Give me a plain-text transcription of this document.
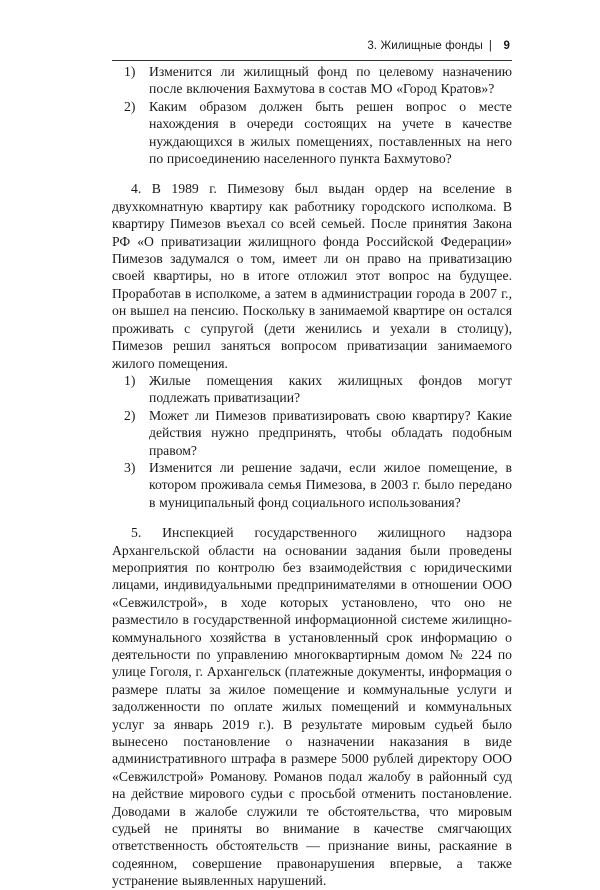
3. Жилищные фонды | 9
1) Изменится ли жилищный фонд по целевому назначению после включения Бахмутова в состав МО «Город Кратов»?
2) Каким образом должен быть решен вопрос о месте нахождения в очереди состоящих на учете в качестве нуждающихся в жилых помещениях, поставленных на него по присоединению населенного пункта Бахмутово?
4. В 1989 г. Пимезову был выдан ордер на вселение в двухкомнатную квартиру как работнику городского исполкома. В квартиру Пимезов въехал со всей семьей. После принятия Закона РФ «О приватизации жилищного фонда Российской Федерации» Пимезов задумался о том, имеет ли он право на приватизацию своей квартиры, но в итоге отложил этот вопрос на будущее. Проработав в исполкоме, а затем в администрации города в 2007 г., он вышел на пенсию. Поскольку в занимаемой квартире он остался проживать с супругой (дети женились и уехали в столицу), Пимезов решил заняться вопросом приватизации занимаемого жилого помещения.
1) Жилые помещения каких жилищных фондов могут подлежать приватизации?
2) Может ли Пимезов приватизировать свою квартиру? Какие действия нужно предпринять, чтобы обладать подобным правом?
3) Изменится ли решение задачи, если жилое помещение, в котором проживала семья Пимезова, в 2003 г. было передано в муниципальный фонд социального использования?
5. Инспекцией государственного жилищного надзора Архангельской области на основании задания были проведены мероприятия по контролю без взаимодействия с юридическими лицами, индивидуальными предпринимателями в отношении ООО «Севжилстрой», в ходе которых установлено, что оно не разместило в государственной информационной системе жилищно-коммунального хозяйства в установленный срок информацию о деятельности по управлению многоквартирным домом № 224 по улице Гоголя, г. Архангельск (платежные документы, информация о размере платы за жилое помещение и коммунальные услуги и задолженности по оплате жилых помещений и коммунальных услуг за январь 2019 г.). В результате мировым судьей было вынесено постановление о назначении наказания в виде административного штрафа в размере 5000 рублей директору ООО «Севжилстрой» Романову. Романов подал жалобу в районный суд на действие мирового судьи с просьбой отменить постановление. Доводами в жалобе служили те обстоятельства, что мировым судьей не приняты во внимание в качестве смягчающих ответственность обстоятельств — признание вины, раскаяние в содеянном, совершение правонарушения впервые, а также устранение выявленных нарушений.
